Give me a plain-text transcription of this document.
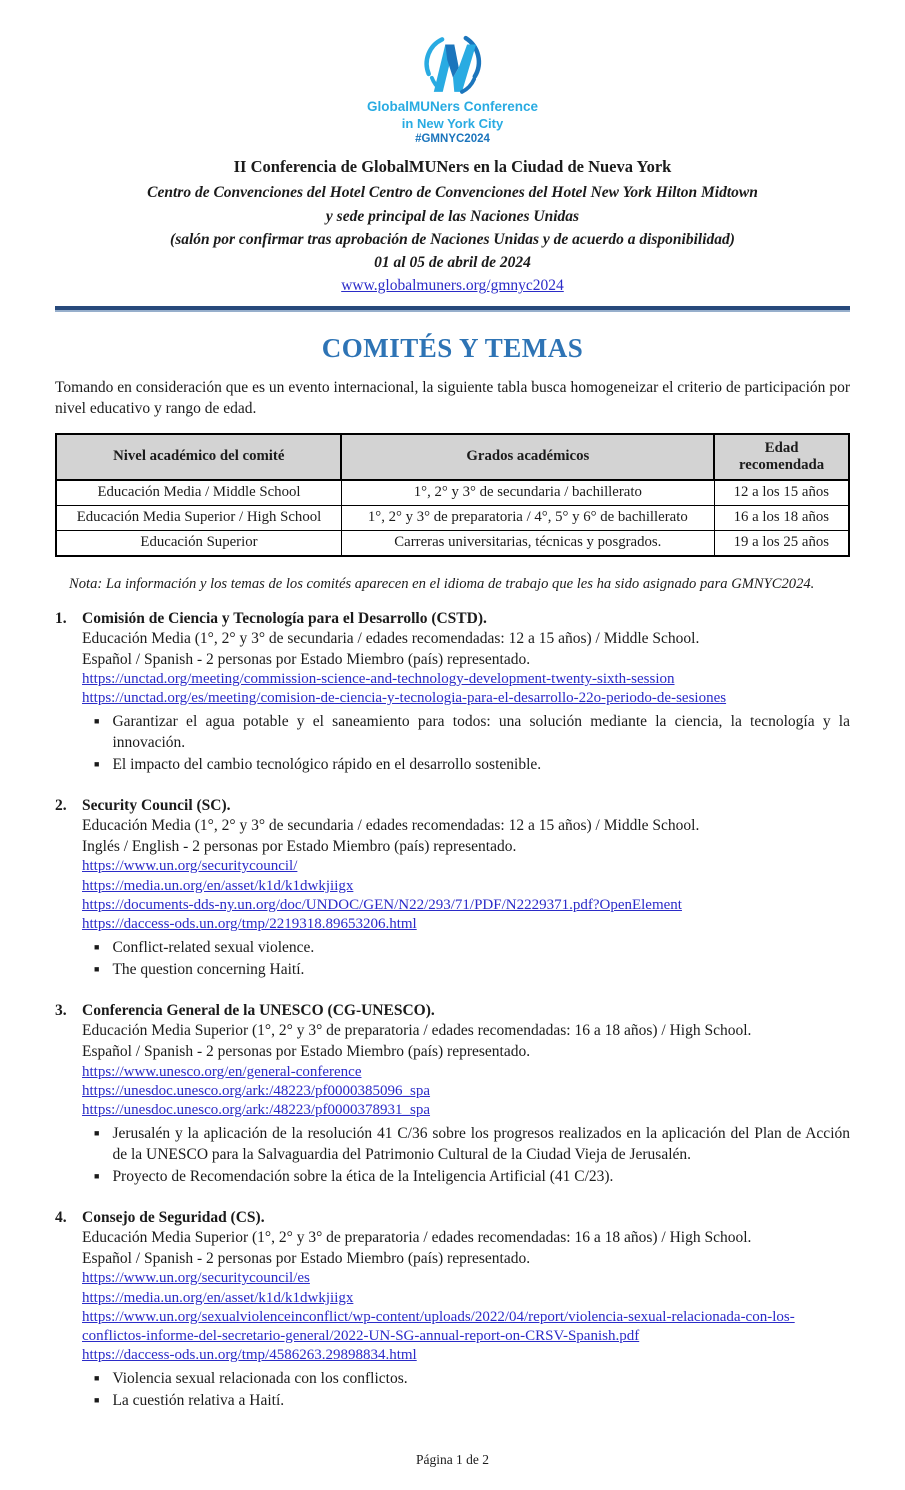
GlobalMUNers Conference
in New York City
#GMNYC2024
II Conferencia de GlobalMUNers en la Ciudad de Nueva York
Centro de Convenciones del Hotel Centro de Convenciones del Hotel New York Hilton Midtown
y sede principal de las Naciones Unidas
(salón por confirmar tras aprobación de Naciones Unidas y de acuerdo a disponibilidad)
01 al 05 de abril de 2024
www.globalmuners.org/gmnyc2024
COMITÉS Y TEMAS

Tomando en consideración que es un evento internacional, la siguiente tabla busca homogeneizar el criterio de participación por nivel educativo y rango de edad.

Nivel académico del comité	Grados académicos	Edad recomendada
Educación Media / Middle School	1°, 2° y 3° de secundaria / bachillerato	12 a los 15 años
Educación Media Superior / High School	1°, 2° y 3° de preparatoria / 4°, 5° y 6° de bachillerato	16 a los 18 años
Educación Superior	Carreras universitarias, técnicas y posgrados.	19 a los 25 años

Nota: La información y los temas de los comités aparecen en el idioma de trabajo que les ha sido asignado para GMNYC2024.

1. Comisión de Ciencia y Tecnología para el Desarrollo (CSTD).
Educación Media (1°, 2° y 3° de secundaria / edades recomendadas: 12 a 15 años) / Middle School.
Español / Spanish - 2 personas por Estado Miembro (país) representado.
https://unctad.org/meeting/commission-science-and-technology-development-twenty-sixth-session
https://unctad.org/es/meeting/comision-de-ciencia-y-tecnologia-para-el-desarrollo-22o-periodo-de-sesiones
■ Garantizar el agua potable y el saneamiento para todos: una solución mediante la ciencia, la tecnología y la innovación.
■ El impacto del cambio tecnológico rápido en el desarrollo sostenible.
2. Security Council (SC).
Educación Media (1°, 2° y 3° de secundaria / edades recomendadas: 12 a 15 años) / Middle School.
Inglés / English - 2 personas por Estado Miembro (país) representado.
https://www.un.org/securitycouncil/
https://media.un.org/en/asset/k1d/k1dwkjiigx
https://documents-dds-ny.un.org/doc/UNDOC/GEN/N22/293/71/PDF/N2229371.pdf?OpenElement
https://daccess-ods.un.org/tmp/2219318.89653206.html
■ Conflict-related sexual violence.
■ The question concerning Haití.
3. Conferencia General de la UNESCO (CG-UNESCO).
Educación Media Superior (1°, 2° y 3° de preparatoria / edades recomendadas: 16 a 18 años) / High School.
Español / Spanish - 2 personas por Estado Miembro (país) representado.
https://www.unesco.org/en/general-conference
https://unesdoc.unesco.org/ark:/48223/pf0000385096_spa
https://unesdoc.unesco.org/ark:/48223/pf0000378931_spa
■ Jerusalén y la aplicación de la resolución 41 C/36 sobre los progresos realizados en la aplicación del Plan de Acción de la UNESCO para la Salvaguardia del Patrimonio Cultural de la Ciudad Vieja de Jerusalén.
■ Proyecto de Recomendación sobre la ética de la Inteligencia Artificial (41 C/23).
4. Consejo de Seguridad (CS).
Educación Media Superior (1°, 2° y 3° de preparatoria / edades recomendadas: 16 a 18 años) / High School.
Español / Spanish - 2 personas por Estado Miembro (país) representado.
https://www.un.org/securitycouncil/es
https://media.un.org/en/asset/k1d/k1dwkjiigx
https://www.un.org/sexualviolenceinconflict/wp-content/uploads/2022/04/report/violencia-sexual-relacionada-con-los-conflictos-informe-del-secretario-general/2022-UN-SG-annual-report-on-CRSV-Spanish.pdf
https://daccess-ods.un.org/tmp/4586263.29898834.html
■ Violencia sexual relacionada con los conflictos.
■ La cuestión relativa a Haití.
Página 1 de 2
